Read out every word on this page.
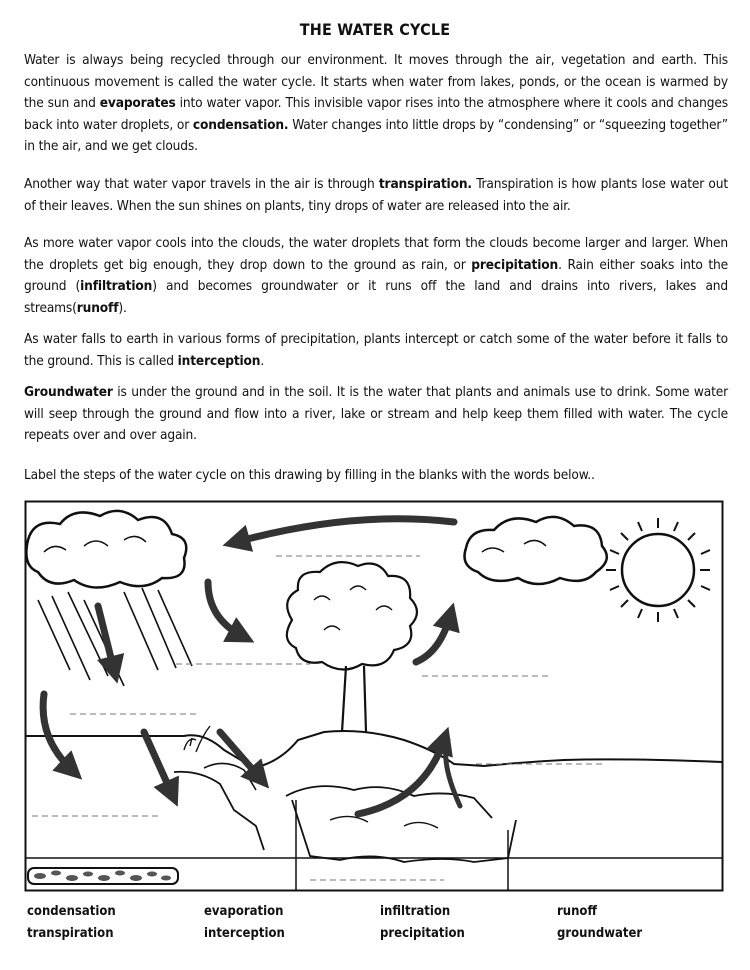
THE WATER CYCLE
Water is always being recycled through our environment. It moves through the air, vegetation and earth. This continuous movement is called the water cycle. It starts when water from lakes, ponds, or the ocean is warmed by the sun and evaporates into water vapor. This invisible vapor rises into the atmosphere where it cools and changes back into water droplets, or condensation. Water changes into little drops by “condensing” or “squeezing together” in the air, and we get clouds.
Another way that water vapor travels in the air is through transpiration. Transpiration is how plants lose water out of their leaves. When the sun shines on plants, tiny drops of water are released into the air.
As more water vapor cools into the clouds, the water droplets that form the clouds become larger and larger. When the droplets get big enough, they drop down to the ground as rain, or precipitation. Rain either soaks into the ground (infiltration) and becomes groundwater or it runs off the land and drains into rivers, lakes and streams(runoff).
As water falls to earth in various forms of precipitation, plants intercept or catch some of the water before it falls to the ground. This is called interception.
Groundwater is under the ground and in the soil. It is the water that plants and animals use to drink. Some water will seep through the ground and flow into a river, lake or stream and help keep them filled with water. The cycle repeats over and over again.
Label the steps of the water cycle on this drawing by filling in the blanks with the words below..
condensation
transpiration
evaporation
interception
infiltration
precipitation
runoff
groundwater
